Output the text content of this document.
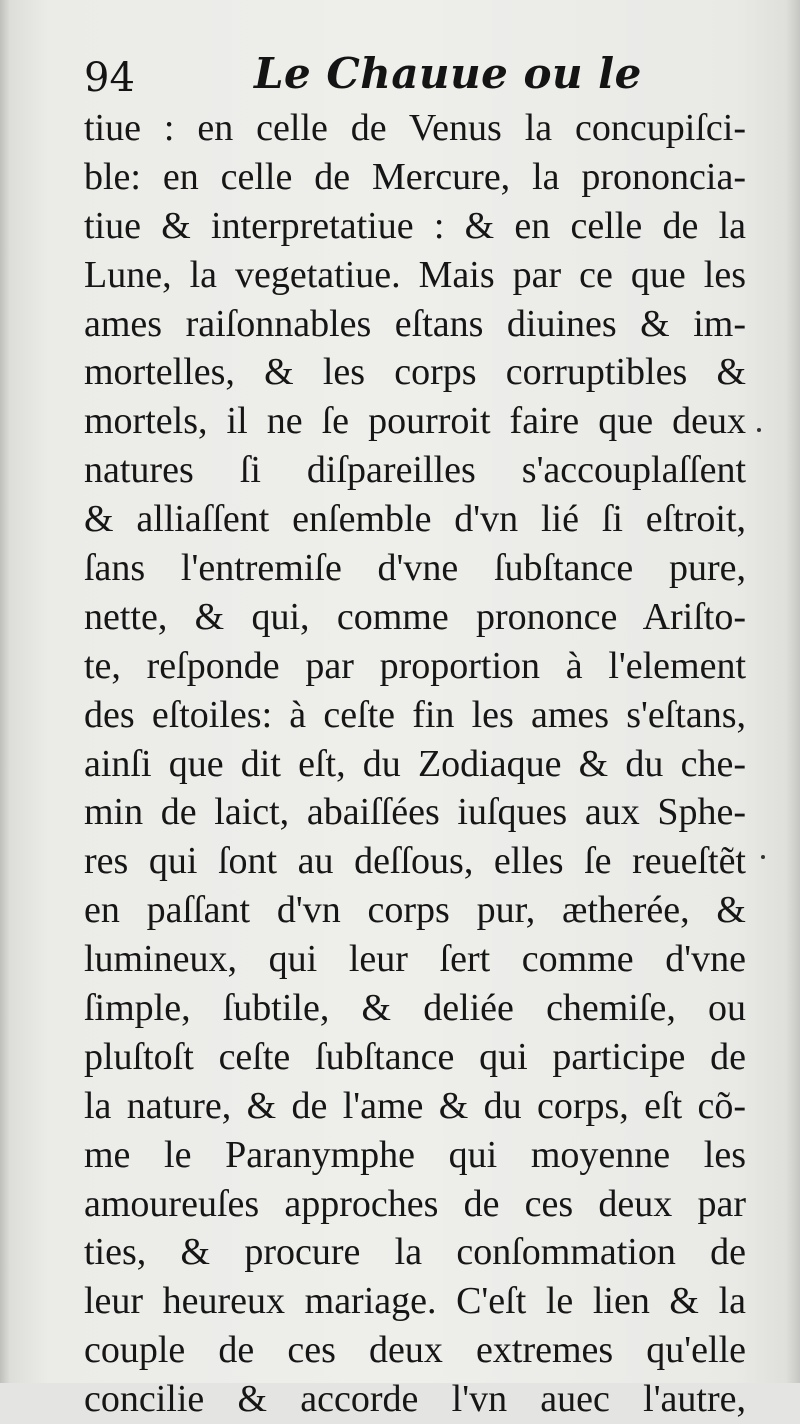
94	Le Chauue ou le
tiue : en celle de Venus la concupiſci-
ble: en celle de Mercure, la prononcia-
tiue & interpretatiue : & en celle de la
Lune, la vegetatiue. Mais par ce que les
ames raiſonnables eſtans diuines & im-
mortelles, & les corps corruptibles &
mortels, il ne ſe pourroit faire que deux
natures ſi diſpareilles s'accouplaſſent
& alliaſſent enſemble d'vn lié ſi eſtroit,
ſans l'entremiſe d'vne ſubſtance pure,
nette, & qui, comme prononce Ariſto-
te, reſponde par proportion à l'element
des eſtoiles: à ceſte fin les ames s'eſtans,
ainſi que dit eſt, du Zodiaque & du che-
min de laict, abaiſſées iuſques aux Sphe-
res qui ſont au deſſous, elles ſe reueſtẽt
en paſſant d'vn corps pur, ætherée, &
lumineux, qui leur ſert comme d'vne
ſimple, ſubtile, & deliée chemiſe, ou
pluſtoſt ceſte ſubſtance qui participe de
la nature, & de l'ame & du corps, eſt cõ-
me le Paranymphe qui moyenne les
amoureuſes approches de ces deux par
ties, & procure la conſommation de
leur heureux mariage. C'eſt le lien & la
couple de ces deux extremes qu'elle
concilie & accorde l'vn auec l'autre,
